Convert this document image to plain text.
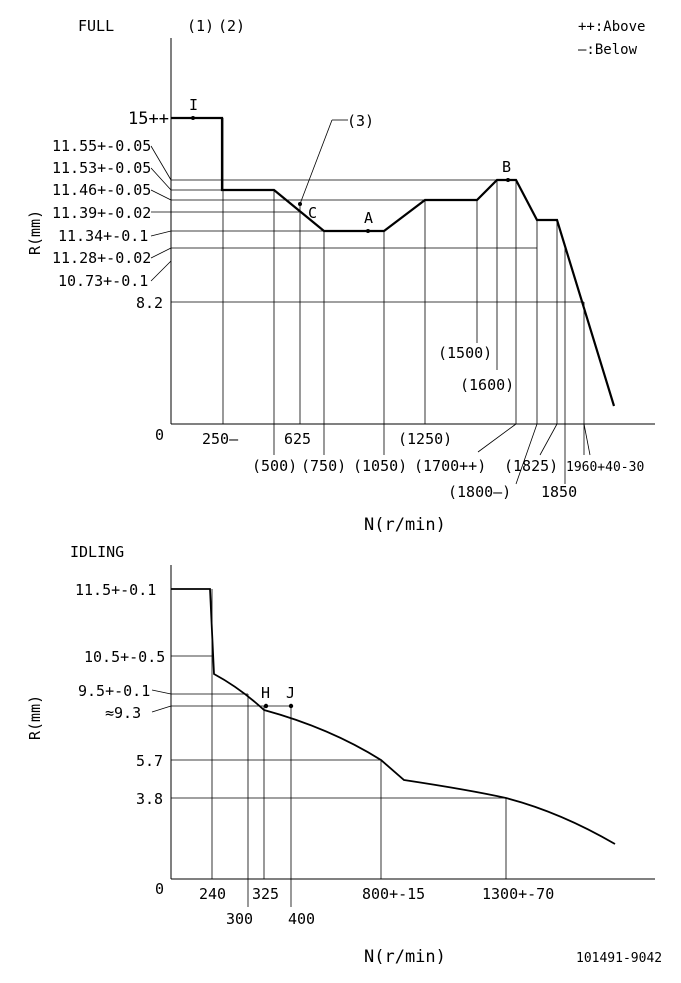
FULL	(1) (2)	++:Above
—:Below
R(mm)
(3)
I
C	A
B
15++
11.55+-0.05
11.53+-0.05
11.46+-0.05
11.39+-0.02
11.34+-0.1
11.28+-0.02
10.73+-0.1
8.2
0	250—	625	(1250)
(500) (750) (1050) (1700++) (1825) 1960+40-30
(1800—) 1850
(1500)
(1600)
N(r/min)
IDLING
R(mm)
H J
11.5+-0.1
10.5+-0.5
9.5+-0.1
≈9.3
5.7
3.8
0 240 325	800+-15	1300+-70
300 400
N(r/min)	101491-9042
